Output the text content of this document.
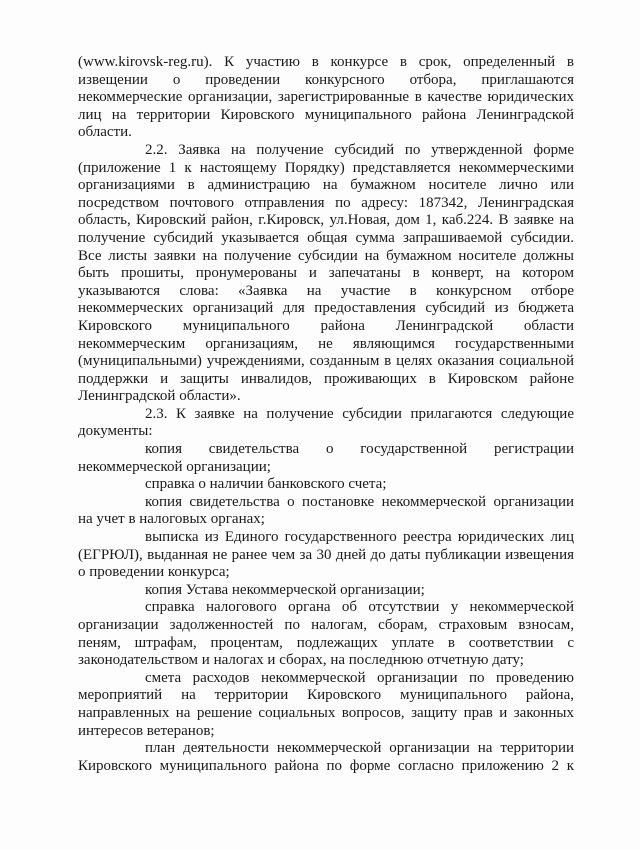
(www.kirovsk-reg.ru). К участию в конкурсе в срок, определенный в извещении о проведении конкурсного отбора, приглашаются некоммерческие организации, зарегистрированные в качестве юридических лиц на территории Кировского муниципального района Ленинградской области.

2.2. Заявка на получение субсидий по утвержденной форме (приложение 1 к настоящему Порядку) представляется некоммерческими организациями в администрацию на бумажном носителе лично или посредством почтового отправления по адресу: 187342, Ленинградская область, Кировский район, г.Кировск, ул.Новая, дом 1, каб.224. В заявке на получение субсидий указывается общая сумма запрашиваемой субсидии. Все листы заявки на получение субсидии на бумажном носителе должны быть прошиты, пронумерованы и запечатаны в конверт, на котором указываются слова: «Заявка на участие в конкурсном отборе некоммерческих организаций для предоставления субсидий из бюджета Кировского муниципального района Ленинградской области некоммерческим организациям, не являющимся государственными (муниципальными) учреждениями, созданным в целях оказания социальной поддержки и защиты инвалидов, проживающих в Кировском районе Ленинградской области».

2.3. К заявке на получение субсидии прилагаются следующие документы:

копия свидетельства о государственной регистрации некоммерческой организации;

справка о наличии банковского счета;

копия свидетельства о постановке некоммерческой организации на учет в налоговых органах;

выписка из Единого государственного реестра юридических лиц (ЕГРЮЛ), выданная не ранее чем за 30 дней до даты публикации извещения о проведении конкурса;

копия Устава некоммерческой организации;

справка налогового органа об отсутствии у некоммерческой организации задолженностей по налогам, сборам, страховым взносам, пеням, штрафам, процентам, подлежащих уплате в соответствии с законодательством и налогах и сборах, на последнюю отчетную дату;

смета расходов некоммерческой организации по проведению мероприятий на территории Кировского муниципального района, направленных на решение социальных вопросов, защиту прав и законных интересов ветеранов;

план деятельности некоммерческой организации на территории Кировского муниципального района по форме согласно приложению 2 к
